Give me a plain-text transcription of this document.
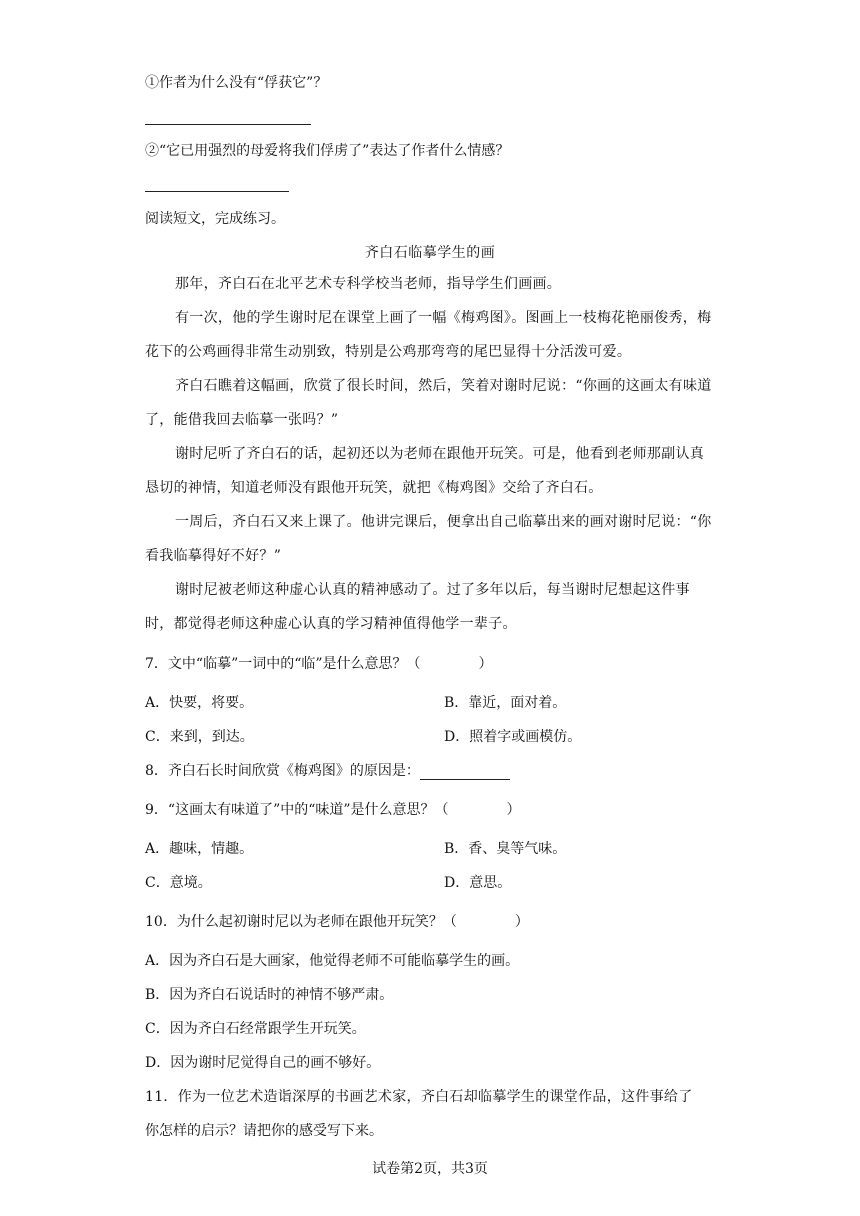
①作者为什么没有“俘获它”？
②“它已用强烈的母爱将我们俘虏了”表达了作者什么情感？
阅读短文，完成练习。
齐白石临摹学生的画
那年，齐白石在北平艺术专科学校当老师，指导学生们画画。
有一次，他的学生谢时尼在课堂上画了一幅《梅鸡图》。图画上一枝梅花艳丽俊秀，梅花下的公鸡画得非常生动别致，特别是公鸡那弯弯的尾巴显得十分活泼可爱。
齐白石瞧着这幅画，欣赏了很长时间，然后，笑着对谢时尼说：“你画的这画太有味道了，能借我回去临摹一张吗？”
谢时尼听了齐白石的话，起初还以为老师在跟他开玩笑。可是，他看到老师那副认真恳切的神情，知道老师没有跟他开玩笑，就把《梅鸡图》交给了齐白石。
一周后，齐白石又来上课了。他讲完课后，便拿出自己临摹出来的画对谢时尼说：“你看我临摹得好不好？”
谢时尼被老师这种虚心认真的精神感动了。过了多年以后，每当谢时尼想起这件事时，都觉得老师这种虚心认真的学习精神值得他学一辈子。
7．文中“临摹”一词中的“临”是什么意思？（	）
A．快要，将要。	B．靠近，面对着。
C．来到，到达。	D．照着字或画模仿。
8．齐白石长时间欣赏《梅鸡图》的原因是：
9．“这画太有味道了”中的“味道”是什么意思？（	）
A．趣味，情趣。	B．香、臭等气味。
C．意境。	D．意思。
10．为什么起初谢时尼以为老师在跟他开玩笑？（	）
A．因为齐白石是大画家，他觉得老师不可能临摹学生的画。
B．因为齐白石说话时的神情不够严肃。
C．因为齐白石经常跟学生开玩笑。
D．因为谢时尼觉得自己的画不够好。
11．作为一位艺术造诣深厚的书画艺术家，齐白石却临摹学生的课堂作品，这件事给了
你怎样的启示？请把你的感受写下来。
试卷第2页，共3页
